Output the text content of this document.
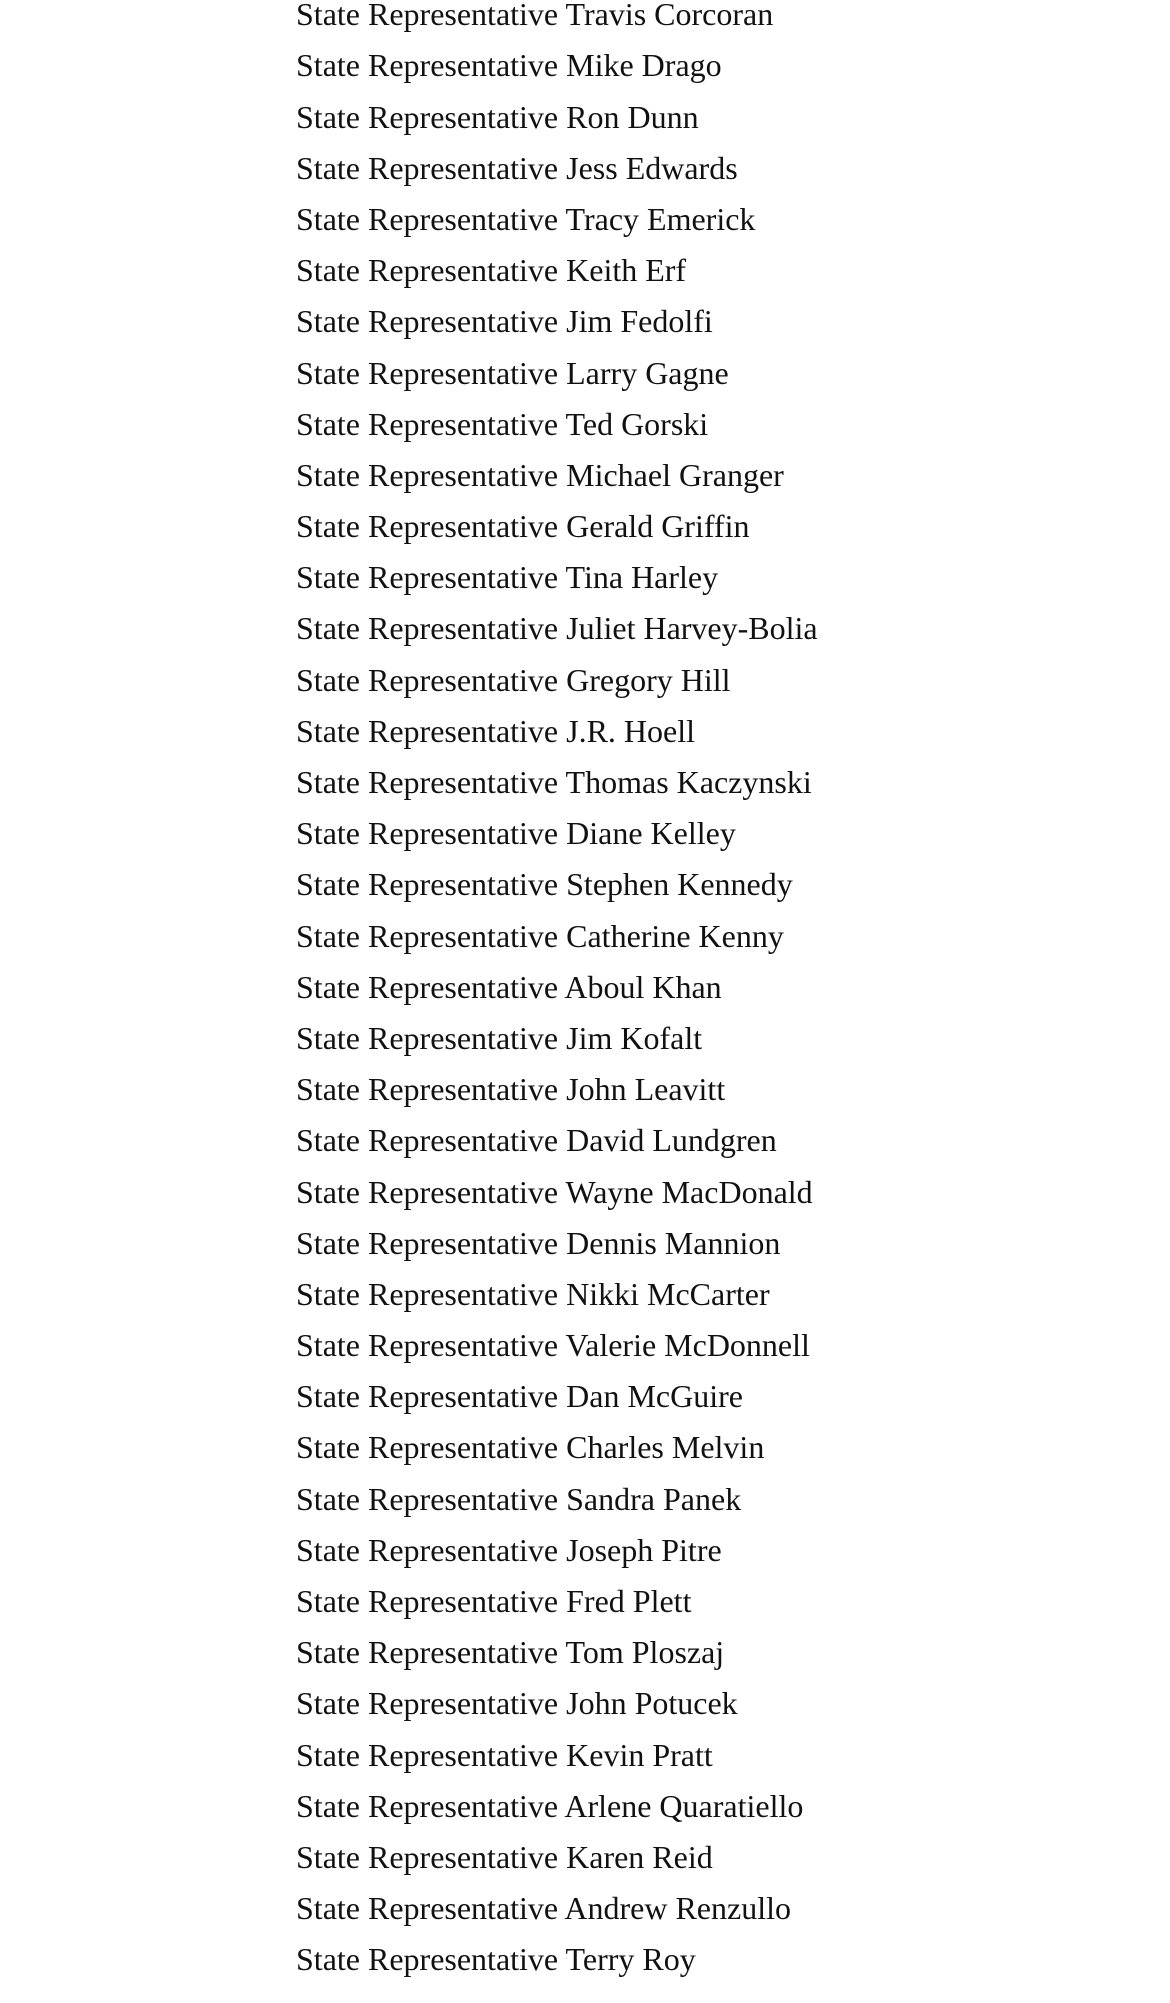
State Representative Travis Corcoran
State Representative Mike Drago
State Representative Ron Dunn
State Representative Jess Edwards
State Representative Tracy Emerick
State Representative Keith Erf
State Representative Jim Fedolfi
State Representative Larry Gagne
State Representative Ted Gorski
State Representative Michael Granger
State Representative Gerald Griffin
State Representative Tina Harley
State Representative Juliet Harvey-Bolia
State Representative Gregory Hill
State Representative J.R. Hoell
State Representative Thomas Kaczynski
State Representative Diane Kelley
State Representative Stephen Kennedy
State Representative Catherine Kenny
State Representative Aboul Khan
State Representative Jim Kofalt
State Representative John Leavitt
State Representative David Lundgren
State Representative Wayne MacDonald
State Representative Dennis Mannion
State Representative Nikki McCarter
State Representative Valerie McDonnell
State Representative Dan McGuire
State Representative Charles Melvin
State Representative Sandra Panek
State Representative Joseph Pitre
State Representative Fred Plett
State Representative Tom Ploszaj
State Representative John Potucek
State Representative Kevin Pratt
State Representative Arlene Quaratiello
State Representative Karen Reid
State Representative Andrew Renzullo
State Representative Terry Roy
